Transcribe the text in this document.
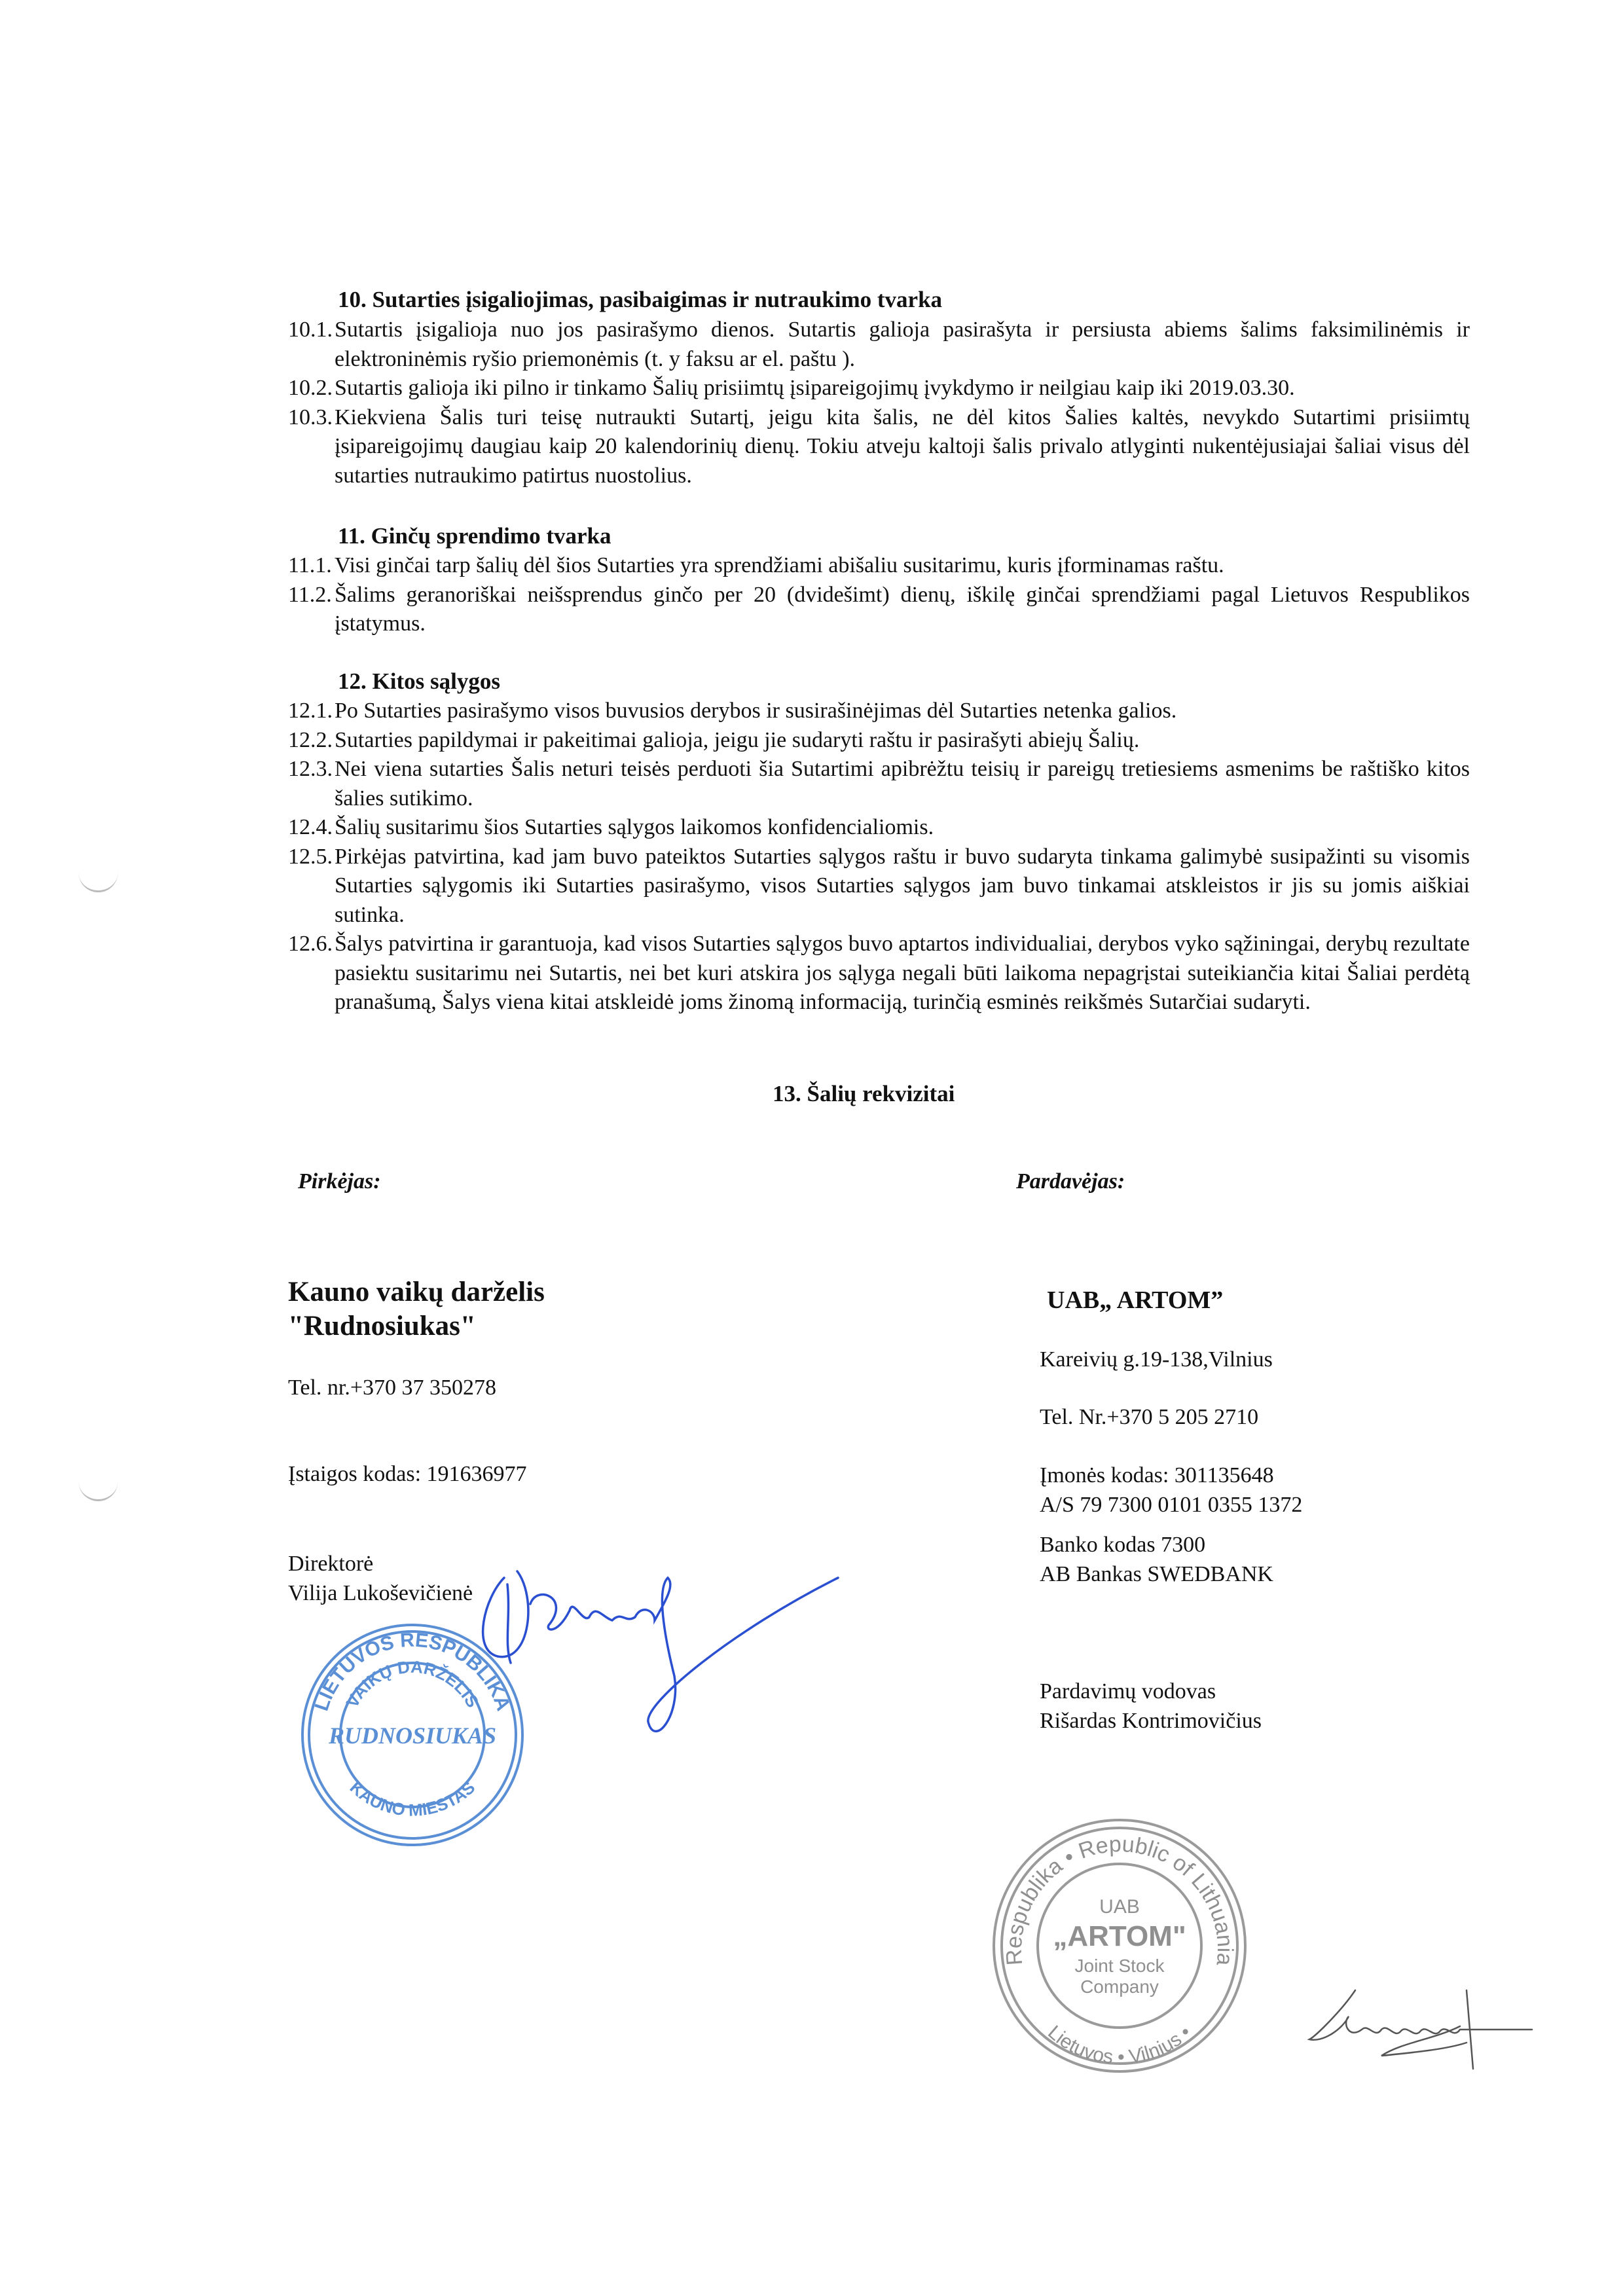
10. Sutarties įsigaliojimas, pasibaigimas ir nutraukimo tvarka
10.1.Sutartis įsigalioja nuo jos pasirašymo dienos. Sutartis galioja pasirašyta ir persiusta abiems šalims faksimilinėmis ir elektroninėmis ryšio priemonėmis (t. y faksu ar el. paštu ).
10.2.Sutartis galioja iki pilno ir tinkamo Šalių prisiimtų įsipareigojimų įvykdymo ir neilgiau kaip iki 2019.03.30.
10.3.Kiekviena Šalis turi teisę nutraukti Sutartį, jeigu kita šalis, ne dėl kitos Šalies kaltės, nevykdo Sutartimi prisiimtų įsipareigojimų daugiau kaip 20 kalendorinių dienų. Tokiu atveju kaltoji šalis privalo atlyginti nukentėjusiajai šaliai visus dėl sutarties nutraukimo patirtus nuostolius.
11. Ginčų sprendimo tvarka
11.1. Visi ginčai tarp šalių dėl šios Sutarties yra sprendžiami abišaliu susitarimu, kuris įforminamas raštu.
11.2. Šalims geranoriškai neišsprendus ginčo per 20 (dvidešimt) dienų, iškilę ginčai sprendžiami pagal Lietuvos Respublikos įstatymus.
12. Kitos sąlygos
12.1.Po Sutarties pasirašymo visos buvusios derybos ir susirašinėjimas dėl Sutarties netenka galios.
12.2.Sutarties papildymai ir pakeitimai galioja, jeigu jie sudaryti raštu ir pasirašyti abiejų Šalių.
12.3.Nei viena sutarties Šalis neturi teisės perduoti šia Sutartimi apibrėžtu teisių ir pareigų tretiesiems asmenims be raštiško kitos šalies sutikimo.
12.4.Šalių susitarimu šios Sutarties sąlygos laikomos konfidencialiomis.
12.5.Pirkėjas patvirtina, kad jam buvo pateiktos Sutarties sąlygos raštu ir buvo sudaryta tinkama galimybė susipažinti su visomis Sutarties sąlygomis iki Sutarties pasirašymo, visos Sutarties sąlygos jam buvo tinkamai atskleistos ir jis su jomis aiškiai sutinka.
12.6.Šalys patvirtina ir garantuoja, kad visos Sutarties sąlygos buvo aptartos individualiai, derybos vyko sąžiningai, derybų rezultate pasiektu susitarimu nei Sutartis, nei bet kuri atskira jos sąlyga negali būti laikoma nepagrįstai suteikiančia kitai Šaliai perdėtą pranašumą, Šalys viena kitai atskleidė joms žinomą informaciją, turinčią esminės reikšmės Sutarčiai sudaryti.
13. Šalių rekvizitai
Pirkėjas:
Kauno vaikų darželis
"Rudnosiukas"
Tel. nr.+370 37 350278
Įstaigos kodas: 191636977
Direktorė
Vilija Lukoševičienė
Pardavėjas:
UAB„ ARTOM”
Kareivių g.19-138,Vilnius
Tel. Nr.+370 5 205 2710
Įmonės kodas: 301135648
A/S 79 7300 0101 0355 1372
Banko kodas 7300
AB Bankas SWEDBANK
Pardavimų vodovas
Rišardas Kontrimovičius
LIETUVOS RESPUBLIKA
VAIKŲ DARŽELIS
RUDNOSIUKAS
KAUNO MIESTAS
Respublika • Republic of Lithuania
Lietuvos • Vilnius •
UAB
„ARTOM"
Joint Stock
Company
